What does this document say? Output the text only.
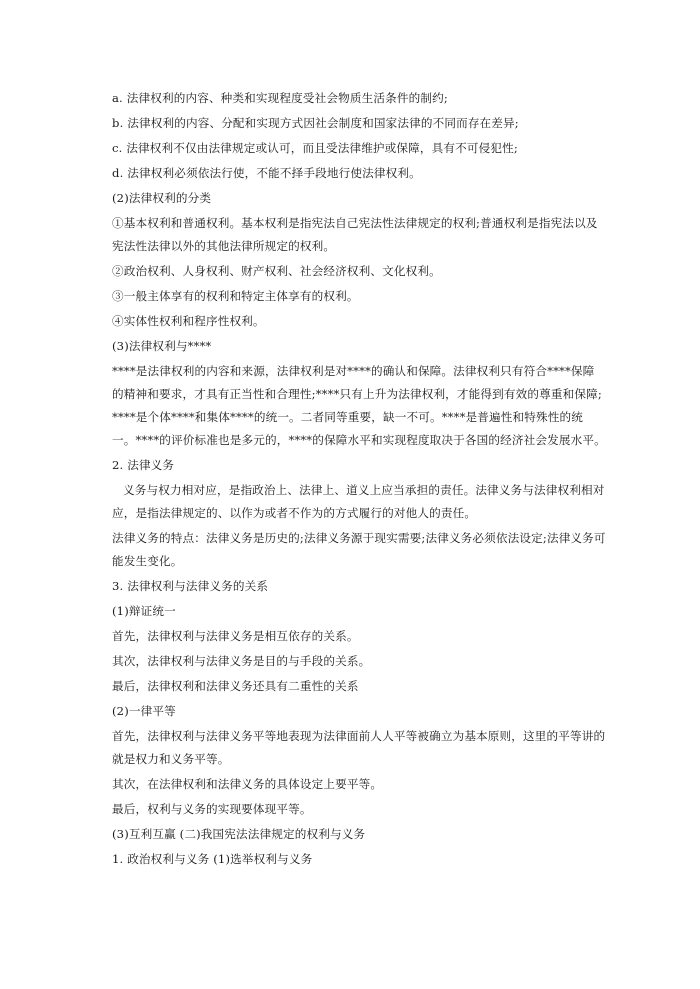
a. 法律权利的内容、种类和实现程度受社会物质生活条件的制约;

b. 法律权利的内容、分配和实现方式因社会制度和国家法律的不同而存在差异;

c. 法律权利不仅由法律规定或认可，而且受法律维护或保障，具有不可侵犯性;

d. 法律权利必须依法行使，不能不择手段地行使法律权利。

(2)法律权利的分类

①基本权利和普通权利。基本权利是指宪法自己宪法性法律规定的权利;普通权利是指宪法以及宪法性法律以外的其他法律所规定的权利。

②政治权利、人身权利、财产权利、社会经济权利、文化权利。

③一般主体享有的权利和特定主体享有的权利。

④实体性权利和程序性权利。

(3)法律权利与****

****是法律权利的内容和来源，法律权利是对****的确认和保障。法律权利只有符合****保障的精神和要求，才具有正当性和合理性;****只有上升为法律权利，才能得到有效的尊重和保障;****是个体****和集体****的统一。二者同等重要，缺一不可。****是普遍性和特殊性的统一。****的评价标准也是多元的，****的保障水平和实现程度取决于各国的经济社会发展水平。

2. 法律义务

义务与权力相对应，是指政治上、法律上、道义上应当承担的责任。法律义务与法律权利相对应，是指法律规定的、以作为或者不作为的方式履行的对他人的责任。

法律义务的特点：法律义务是历史的;法律义务源于现实需要;法律义务必须依法设定;法律义务可能发生变化。

3. 法律权利与法律义务的关系

(1)辩证统一

首先，法律权利与法律义务是相互依存的关系。

其次，法律权利与法律义务是目的与手段的关系。

最后，法律权利和法律义务还具有二重性的关系

(2)一律平等

首先，法律权利与法律义务平等地表现为法律面前人人平等被确立为基本原则，这里的平等讲的就是权力和义务平等。

其次，在法律权利和法律义务的具体设定上要平等。

最后，权利与义务的实现要体现平等。

(3)互利互赢 (二)我国宪法法律规定的权利与义务

1. 政治权利与义务 (1)选举权利与义务
